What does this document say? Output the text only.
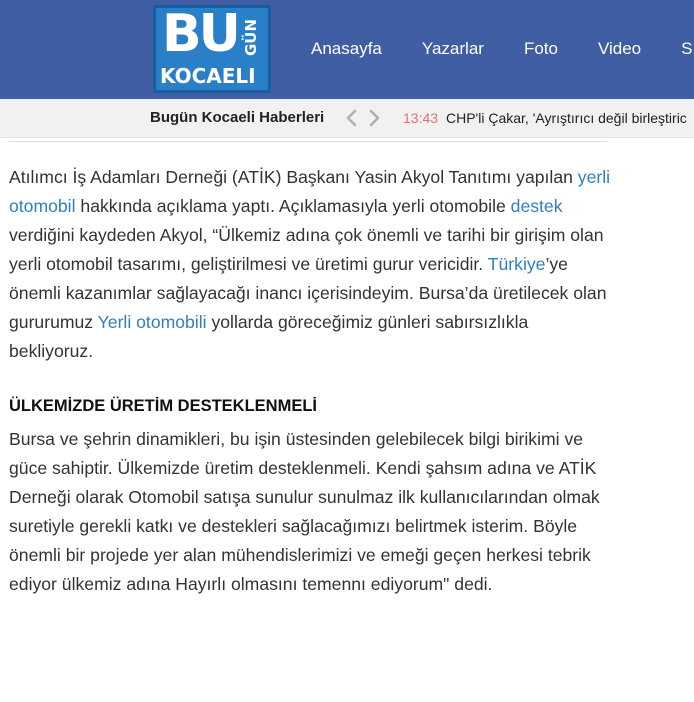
BU GÜN
KOCAELI
Anasayfa Yazarlar Foto Video S
Bugün Kocaeli Haberleri	13:43 CHP'li Çakar, 'Ayrıştırıcı değil birleştiric

Atılımcı İş Adamları Derneği (ATİK) Başkanı Yasin Akyol Tanıtımı yapılan yerli otomobil hakkında açıklama yaptı. Açıklamasıyla yerli otomobile destek verdiğini kaydeden Akyol, “Ülkemiz adına çok önemli ve tarihi bir girişim olan yerli otomobil tasarımı, geliştirilmesi ve üretimi gurur vericidir. Türkiye’ye önemli kazanımlar sağlayacağı inancı içerisindeyim. Bursa’da üretilecek olan gururumuz Yerli otomobili yollarda göreceğimiz günleri sabırsızlıkla bekliyoruz.

ÜLKEMİZDE ÜRETİM DESTEKLENMELİ

Bursa ve şehrin dinamikleri, bu işin üstesinden gelebilecek bilgi birikimi ve güce sahiptir. Ülkemizde üretim desteklenmeli. Kendi şahsım adına ve ATİK Derneği olarak Otomobil satışa sunulur sunulmaz ilk kullanıcılarından olmak suretiyle gerekli katkı ve destekleri sağlacağımızı belirtmek isterim. Böyle önemli bir projede yer alan mühendislerimizi ve emeği geçen herkesi tebrik ediyor ülkemiz adına Hayırlı olmasını temennı ediyorum" dedi.
